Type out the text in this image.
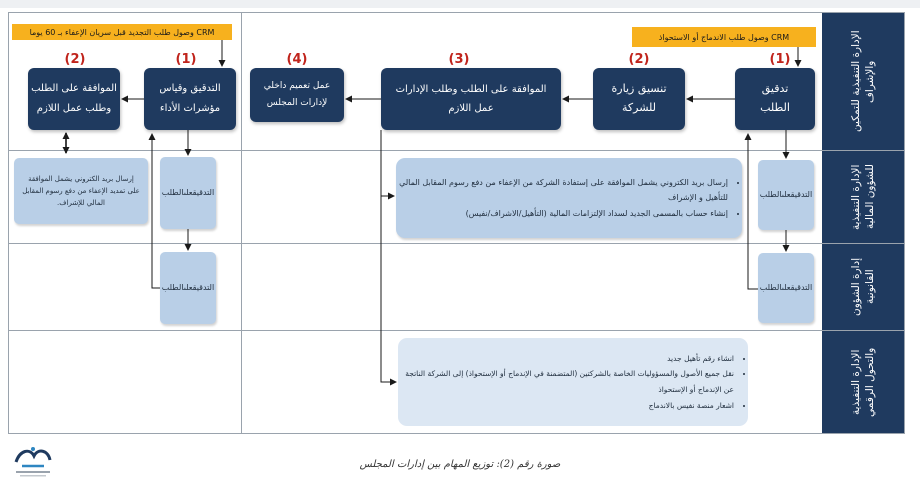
الإدارة التنفيذية للتمكين والإشراف
الإدارة التنفيذية للشؤون المالية
إدارة الشؤون القانونية
الإدارة التنفيذية والتحول الرقمي
CRM وصول طلب الاندماج أو الاستحواذ
CRM وصول طلب التجديد قبل سريان الإعفاء بـ 60 يوما
(1)
(2)
(3)
(4)
(1)
(2)
تدقيق
الطلب
تنسيق زيارة
للشركة
الموافقة على الطلب وطلب الإدارات
عمل اللازم
عمل تعميم داخلي
لإدارات المجلس
التدقيق وقياس
مؤشرات الأداء
الموافقة على الطلب
وطلب عمل اللازم
التدقيقعلىالطلب
التدقيقعلىالطلب
التدقيقعلىالطلب
التدقيقعلىالطلب
• إرسال بريد الكتروني يشمل الموافقة على إستفادة الشركة من الإعفاء من دفع رسوم المقابل المالي للتأهيل و الإشراف
• إنشاء حساب بالمسمى الجديد لسداد الإلتزامات المالية (التأهيل/الاشراف/نفيس)
إرسال بريد الكتروني يشمل الموافقة على تمديد الإعفاء من دفع رسوم المقابل المالي للإشراف.
• انشاء رقم تأهيل جديد
• نقل جميع الأصول والمسؤوليات الخاصة بالشركتين (المتضمنة في الإندماج أو الإستحواذ) إلى الشركة الناتجة عن الإندماج أو الإستحواذ
• اشعار منصة نفيس بالاندماج
صورة رقم (2): توزيع المهام بين إدارات المجلس
